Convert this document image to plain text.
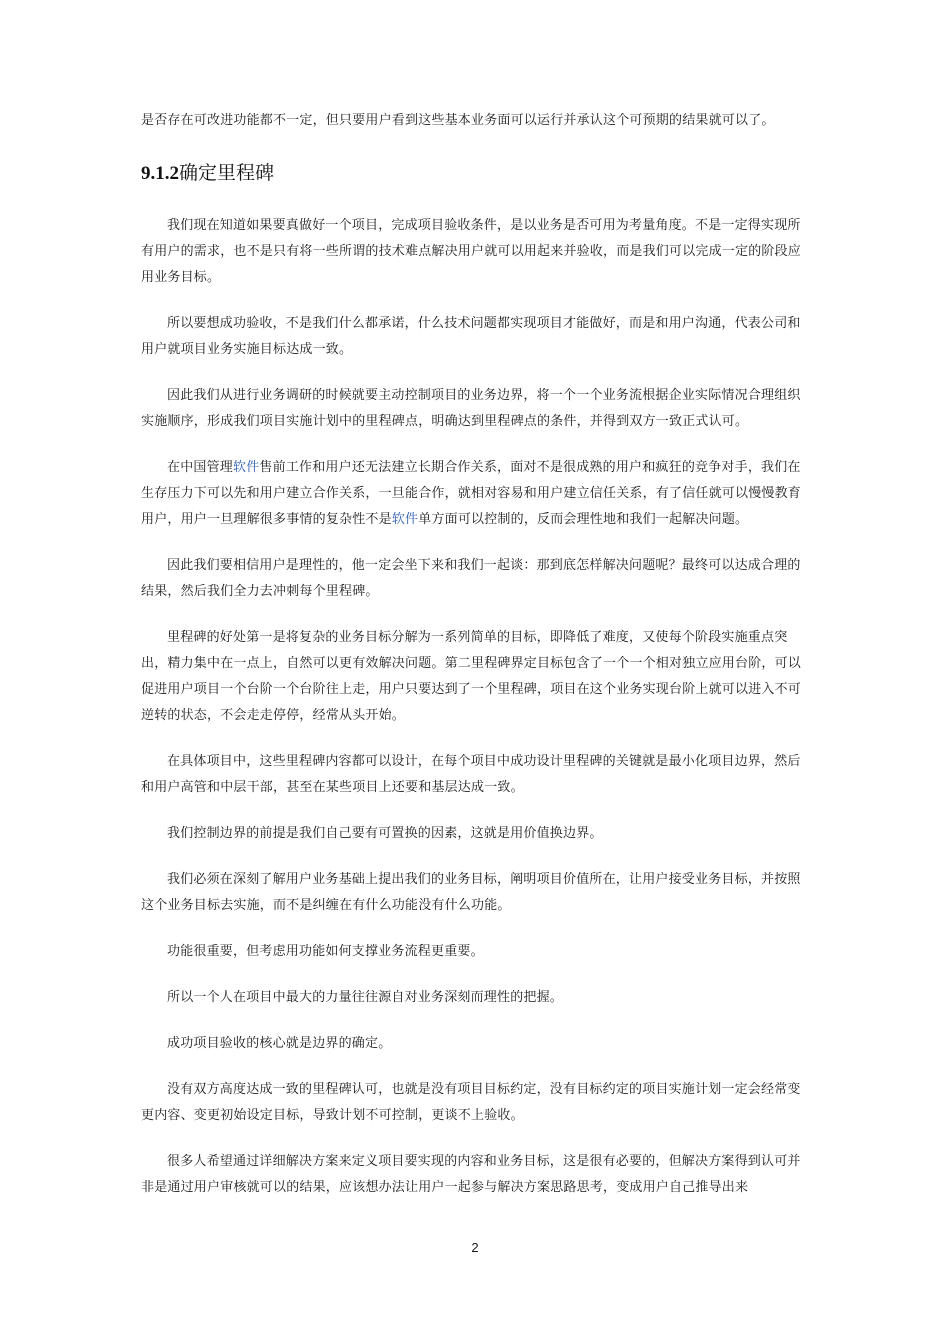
是否存在可改进功能都不一定，但只要用户看到这些基本业务面可以运行并承认这个可预期的结果就可以了。

9.1.2确定里程碑

我们现在知道如果要真做好一个项目，完成项目验收条件，是以业务是否可用为考量角度。不是一定得实现所有用户的需求，也不是只有将一些所谓的技术难点解决用户就可以用起来并验收，而是我们可以完成一定的阶段应用业务目标。

所以要想成功验收，不是我们什么都承诺，什么技术问题都实现项目才能做好，而是和用户沟通，代表公司和用户就项目业务实施目标达成一致。

因此我们从进行业务调研的时候就要主动控制项目的业务边界，将一个一个业务流根据企业实际情况合理组织实施顺序，形成我们项目实施计划中的里程碑点，明确达到里程碑点的条件，并得到双方一致正式认可。

在中国管理软件售前工作和用户还无法建立长期合作关系，面对不是很成熟的用户和疯狂的竞争对手，我们在生存压力下可以先和用户建立合作关系，一旦能合作，就相对容易和用户建立信任关系，有了信任就可以慢慢教育用户，用户一旦理解很多事情的复杂性不是软件单方面可以控制的，反而会理性地和我们一起解决问题。

因此我们要相信用户是理性的，他一定会坐下来和我们一起谈：那到底怎样解决问题呢？最终可以达成合理的结果，然后我们全力去冲刺每个里程碑。

里程碑的好处第一是将复杂的业务目标分解为一系列简单的目标，即降低了难度，又使每个阶段实施重点突出，精力集中在一点上，自然可以更有效解决问题。第二里程碑界定目标包含了一个一个相对独立应用台阶，可以促进用户项目一个台阶一个台阶往上走，用户只要达到了一个里程碑，项目在这个业务实现台阶上就可以进入不可逆转的状态，不会走走停停，经常从头开始。

在具体项目中，这些里程碑内容都可以设计，在每个项目中成功设计里程碑的关键就是最小化项目边界，然后和用户高管和中层干部，甚至在某些项目上还要和基层达成一致。

我们控制边界的前提是我们自己要有可置换的因素，这就是用价值换边界。

我们必须在深刻了解用户业务基础上提出我们的业务目标，阐明项目价值所在，让用户接受业务目标，并按照这个业务目标去实施，而不是纠缠在有什么功能没有什么功能。

功能很重要，但考虑用功能如何支撑业务流程更重要。

所以一个人在项目中最大的力量往往源自对业务深刻而理性的把握。

成功项目验收的核心就是边界的确定。

没有双方高度达成一致的里程碑认可，也就是没有项目目标约定，没有目标约定的项目实施计划一定会经常变更内容、变更初始设定目标，导致计划不可控制，更谈不上验收。

很多人希望通过详细解决方案来定义项目要实现的内容和业务目标，这是很有必要的，但解决方案得到认可并非是通过用户审核就可以的结果，应该想办法让用户一起参与解决方案思路思考，变成用户自己推导出来

2
